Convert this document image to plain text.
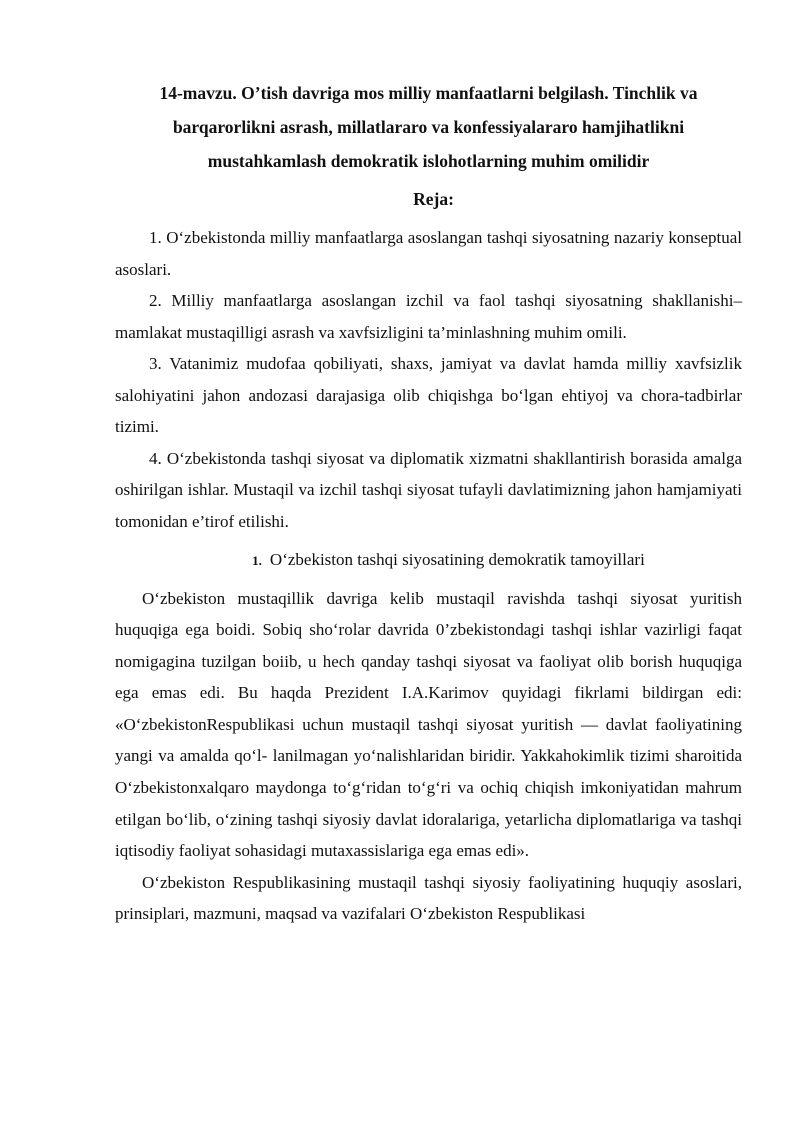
14-mavzu. O’tish davriga mos milliy manfaatlarni belgilash. Tinchlik va barqarorlikni asrash, millatlararo va konfessiyalararo hamjihatlikni mustahkamlash demokratik islohotlarning muhim omilidir
Reja:

1. O‘zbekistonda milliy manfaatlarga asoslangan tashqi siyosatning nazariy konseptual asoslari.

2. Milliy manfaatlarga asoslangan izchil va faol tashqi siyosatning shakllanishi–mamlakat mustaqilligi asrash va xavfsizligini ta’minlashning muhim omili.

3. Vatanimiz mudofaa qobiliyati, shaxs, jamiyat va davlat hamda milliy xavfsizlik salohiyatini jahon andozasi darajasiga olib chiqishga bo‘lgan ehtiyoj va chora-tadbirlar tizimi.

4. O‘zbekistonda tashqi siyosat va diplomatik xizmatni shakllantirish borasida amalga oshirilgan ishlar. Mustaqil va izchil tashqi siyosat tufayli davlatimizning jahon hamjamiyati tomonidan e’tirof etilishi.

1. O‘zbekiston tashqi siyosatining demokratik tamoyillari

O‘zbekiston mustaqillik davriga kelib mustaqil ravishda tashqi siyosat yuritish huquqiga ega boidi. Sobiq sho‘rolar davrida 0’zbekistondagi tashqi ishlar vazirligi faqat nomigagina tuzilgan boiib, u hech qanday tashqi siyosat va faoliyat olib borish huquqiga ega emas edi. Bu haqda Prezident I.A.Karimov quyidagi fikrlami bildirgan edi: «O‘zbekistonRespublikasi uchun mustaqil tashqi siyosat yuritish — davlat faoliyatining yangi va amalda qo‘l- lanilmagan yo‘nalishlaridan biridir. Yakkahokimlik tizimi sharoitida O‘zbekistonxalqaro maydonga to‘g‘ridan to‘g‘ri va ochiq chiqish imkoniyatidan mahrum etilgan bo‘lib, o‘zining tashqi siyosiy davlat idoralariga, yetarlicha diplomatlariga va tashqi iqtisodiy faoliyat sohasidagi mutaxassislariga ega emas edi».

O‘zbekiston Respublikasining mustaqil tashqi siyosiy faoliyatining huquqiy asoslari, prinsiplari, mazmuni, maqsad va vazifalari O‘zbekiston Respublikasi
